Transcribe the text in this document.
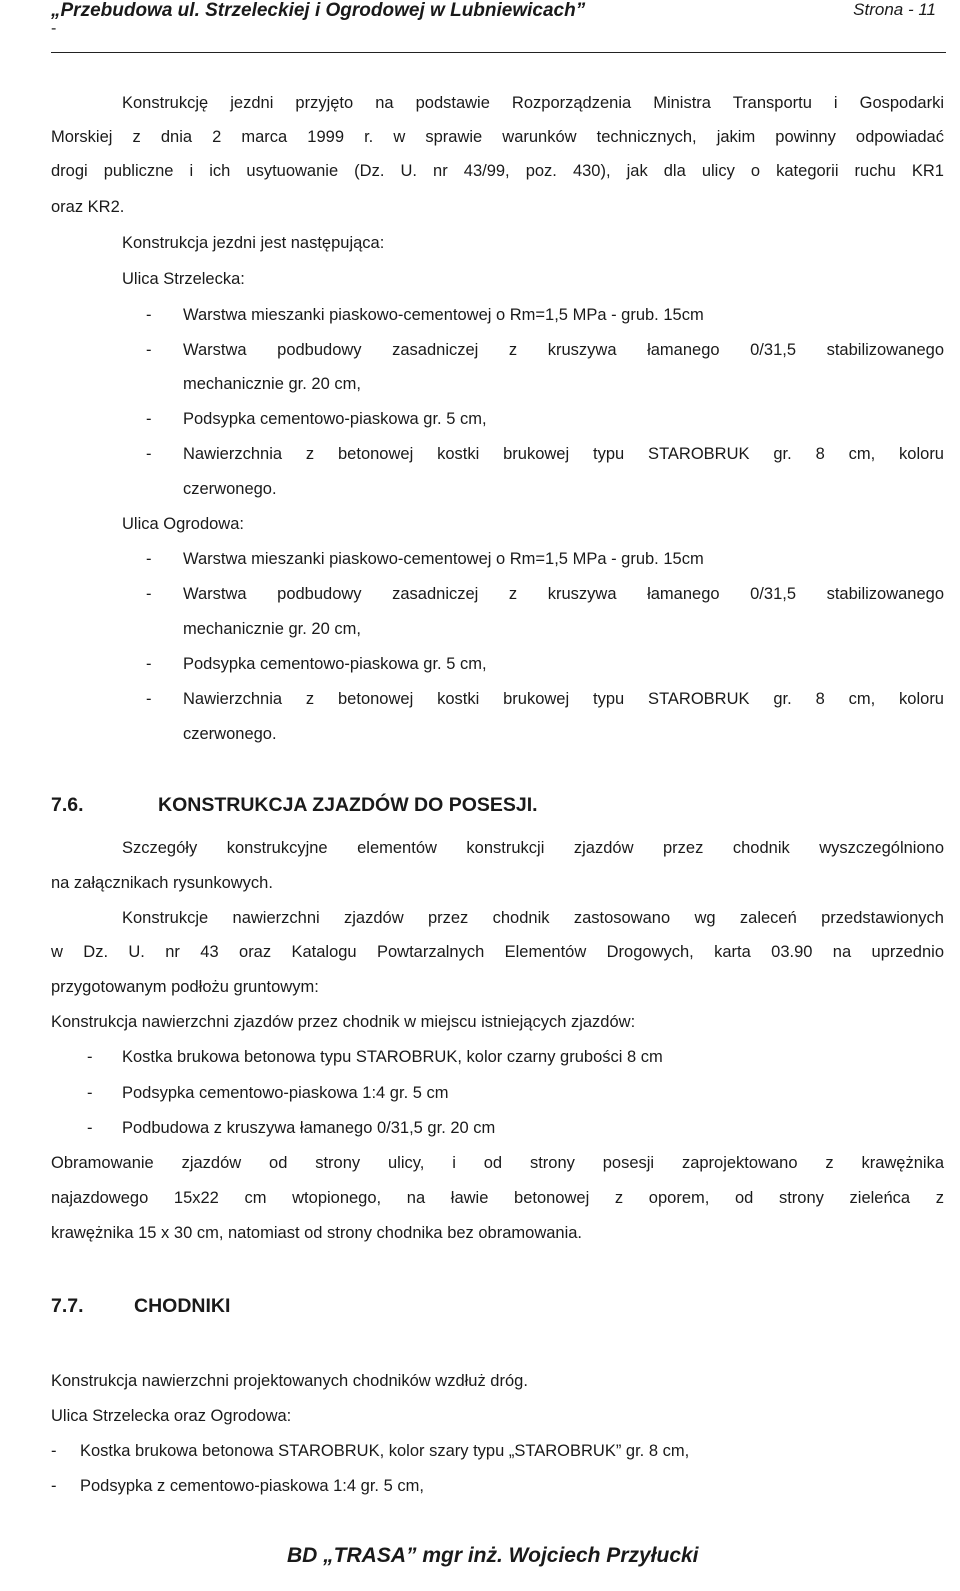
„Przebudowa ul. Strzeleckiej i Ogrodowej w Lubniewicach”	Strona - 11
-
Konstrukcję jezdni przyjęto na podstawie Rozporządzenia Ministra Transportu i Gospodarki
Morskiej z dnia 2 marca 1999 r. w sprawie warunków technicznych, jakim powinny odpowiadać
drogi publiczne i ich usytuowanie (Dz. U. nr 43/99, poz. 430), jak dla ulicy o kategorii ruchu KR1
oraz KR2.
Konstrukcja jezdni jest następująca:
Ulica Strzelecka:
- Warstwa mieszanki piaskowo-cementowej o Rm=1,5 MPa - grub. 15cm
- Warstwa podbudowy zasadniczej z kruszywa łamanego 0/31,5 stabilizowanego
mechanicznie gr. 20 cm,
- Podsypka cementowo-piaskowa gr. 5 cm,
- Nawierzchnia z betonowej kostki brukowej typu STAROBRUK gr. 8 cm, koloru
czerwonego.
Ulica Ogrodowa:
- Warstwa mieszanki piaskowo-cementowej o Rm=1,5 MPa - grub. 15cm
- Warstwa podbudowy zasadniczej z kruszywa łamanego 0/31,5 stabilizowanego
mechanicznie gr. 20 cm,
- Podsypka cementowo-piaskowa gr. 5 cm,
- Nawierzchnia z betonowej kostki brukowej typu STAROBRUK gr. 8 cm, koloru
czerwonego.
7.6.	KONSTRUKCJA ZJAZDÓW DO POSESJI.
Szczegóły konstrukcyjne elementów konstrukcji zjazdów przez chodnik wyszczególniono
na załącznikach rysunkowych.
Konstrukcje nawierzchni zjazdów przez chodnik zastosowano wg zaleceń przedstawionych
w Dz. U. nr 43 oraz Katalogu Powtarzalnych Elementów Drogowych, karta 03.90 na uprzednio
przygotowanym podłożu gruntowym:
Konstrukcja nawierzchni zjazdów przez chodnik w miejscu istniejących zjazdów:
- Kostka brukowa betonowa typu STAROBRUK, kolor czarny grubości 8 cm
- Podsypka cementowo-piaskowa 1:4 gr. 5 cm
- Podbudowa z kruszywa łamanego 0/31,5 gr. 20 cm
Obramowanie zjazdów od strony ulicy, i od strony posesji zaprojektowano z krawężnika
najazdowego 15x22 cm wtopionego, na ławie betonowej z oporem, od strony zieleńca z
krawężnika 15 x 30 cm, natomiast od strony chodnika bez obramowania.
7.7.	CHODNIKI
Konstrukcja nawierzchni projektowanych chodników wzdłuż dróg.
Ulica Strzelecka oraz Ogrodowa:
- Kostka brukowa betonowa STAROBRUK, kolor szary typu „STAROBRUK” gr. 8 cm,
- Podsypka z cementowo-piaskowa 1:4 gr. 5 cm,
BD „TRASA” mgr inż. Wojciech Przyłucki
